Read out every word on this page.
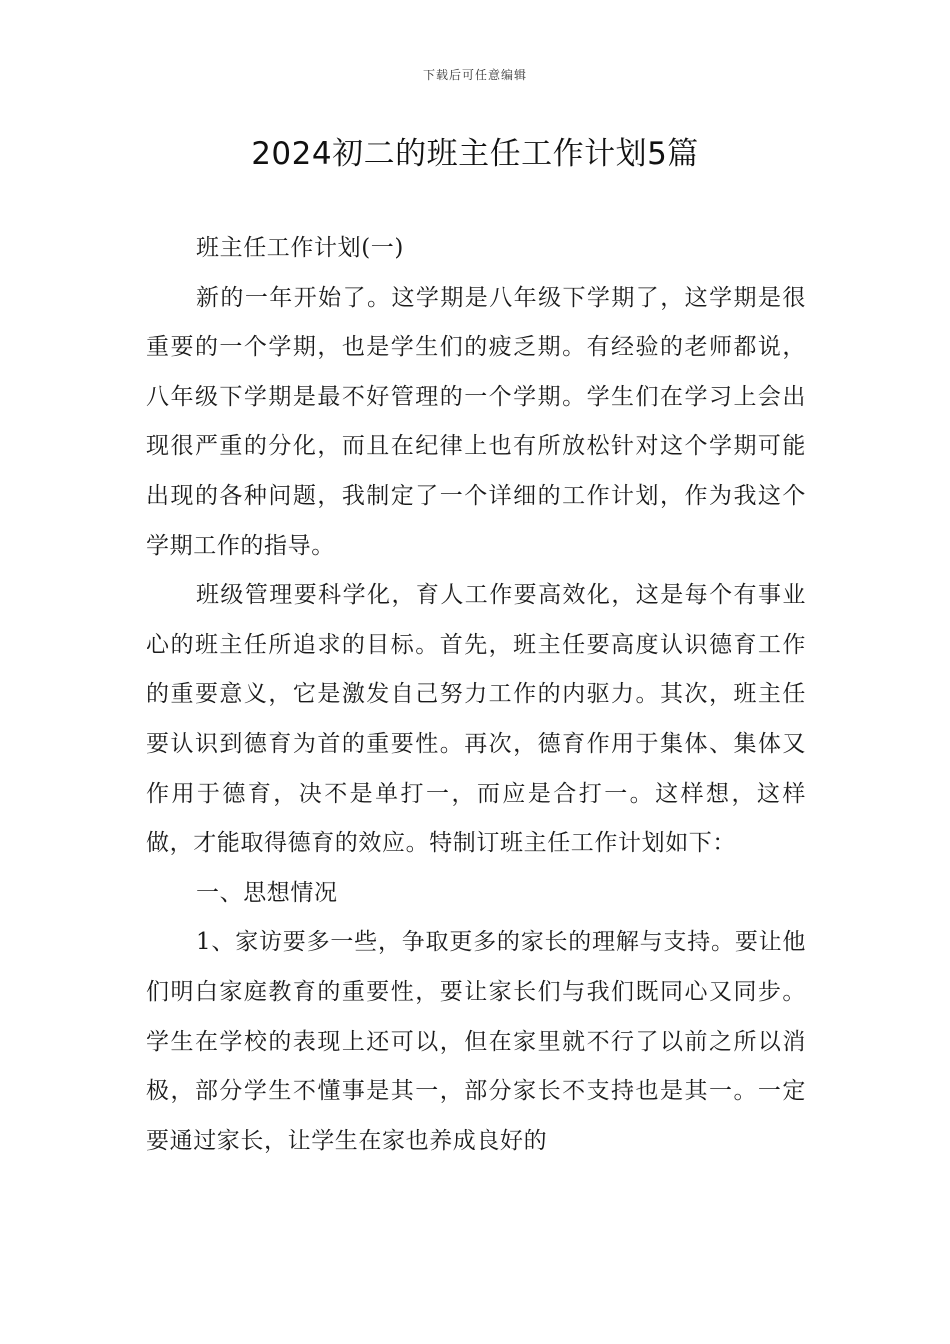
下载后可任意编辑
2024初二的班主任工作计划5篇

班主任工作计划(一)

新的一年开始了。这学期是八年级下学期了，这学期是很重要的一个学期，也是学生们的疲乏期。有经验的老师都说，八年级下学期是最不好管理的一个学期。学生们在学习上会出现很严重的分化，而且在纪律上也有所放松针对这个学期可能出现的各种问题，我制定了一个详细的工作计划，作为我这个学期工作的指导。

班级管理要科学化，育人工作要高效化，这是每个有事业心的班主任所追求的目标。首先，班主任要高度认识德育工作的重要意义，它是激发自己努力工作的内驱力。其次，班主任要认识到德育为首的重要性。再次，德育作用于集体、集体又作用于德育，决不是单打一，而应是合打一。这样想，这样做，才能取得德育的效应。特制订班主任工作计划如下：

一、思想情况

1、家访要多一些，争取更多的家长的理解与支持。要让他们明白家庭教育的重要性，要让家长们与我们既同心又同步。学生在学校的表现上还可以，但在家里就不行了以前之所以消极，部分学生不懂事是其一，部分家长不支持也是其一。一定要通过家长，让学生在家也养成良好的
